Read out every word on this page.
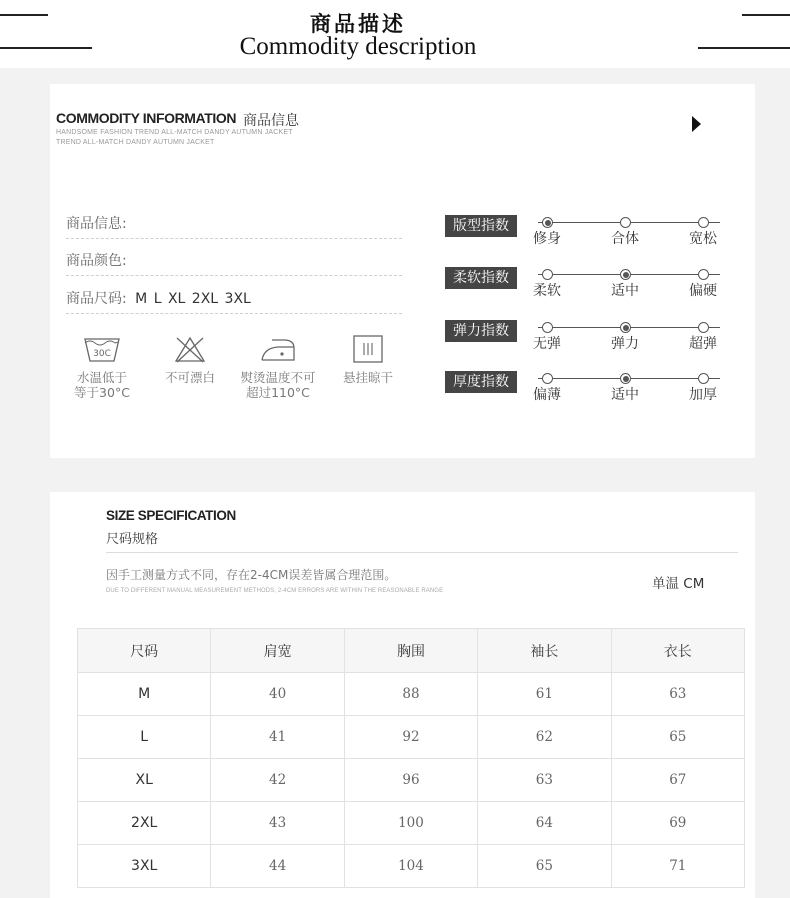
商品描述
Commodity description
COMMODITY INFORMATION 商品信息
HANDSOME FASHION TREND ALL-MATCH DANDY AUTUMN JACKET
TREND ALL-MATCH DANDY AUTUMN JACKET
商品信息:
商品颜色:
商品尺码: M L XL 2XL 3XL
30C
水温低于
等于30°C
不可漂白	熨烫温度不可
超过110°C
悬挂晾干
版型指数
修身	合体	宽松
柔软指数
柔软	适中	偏硬
弹力指数
无弹	弹力	超弹
厚度指数
偏薄	适中	加厚
SIZE SPECIFICATION
尺码规格
因手工测量方式不同，存在2-4CM误差皆属合理范围。
DUE TO DIFFERENT MANUAL MEASUREMENT METHODS, 2-4CM ERRORS ARE WITHIN THE REASONABLE RANGE	单温 CM
尺码	肩宽	胸围	袖长	衣长
M	40	88	61	63
L	41	92	62	65
XL	42	96	63	67
2XL	43	100	64	69
3XL	44	104	65	71
